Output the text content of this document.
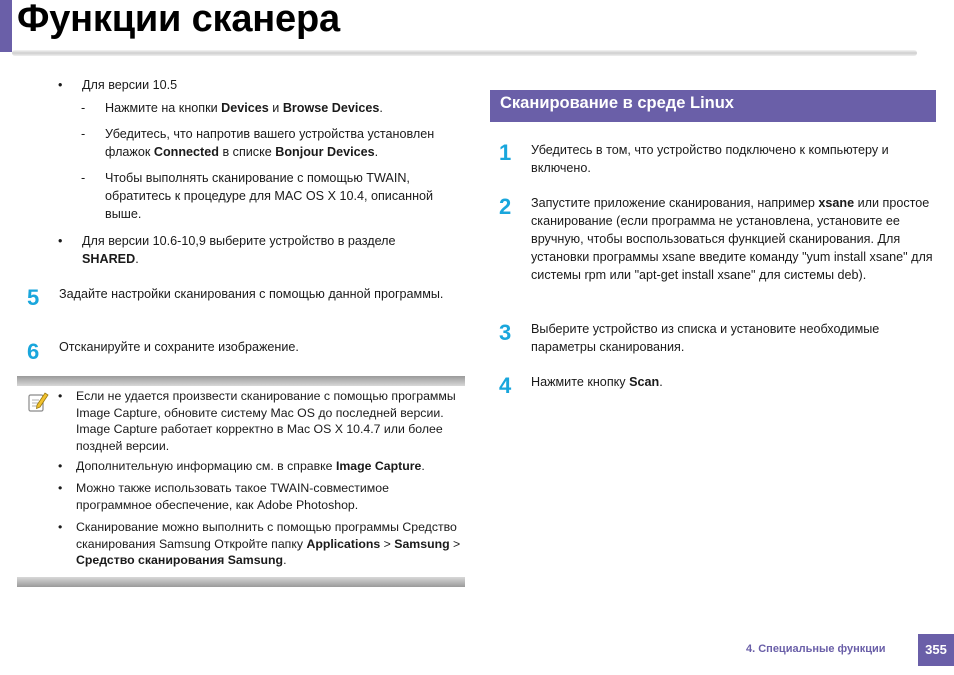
Функции сканера
•	Для версии 10.5
-	Нажмите на кнопки Devices и Browse Devices.
-	Убедитесь, что напротив вашего устройства установлен флажок Connected в списке Bonjour Devices.
-	Чтобы выполнять сканирование с помощью TWAIN, обратитесь к процедуре для MAC OS X 10.4, описанной выше.
•	Для версии 10.6-10,9 выберите устройство в разделе SHARED.
5 Задайте настройки сканирования с помощью данной программы.
6 Отсканируйте и сохраните изображение.
•	Если не удается произвести сканирование с помощью программы Image Capture, обновите систему Mac OS до последней версии. Image Capture работает корректно в Mac OS X 10.4.7 или более поздней версии.
•	Дополнительную информацию см. в справке Image Capture.
•	Можно также использовать такое TWAIN-совместимое программное обеспечение, как Adobe Photoshop.
•	Сканирование можно выполнить с помощью программы Средство сканирования Samsung Откройте папку Applications > Samsung > Средство сканирования Samsung.
Сканирование в среде Linux
1 Убедитесь в том, что устройство подключено к компьютеру и включено.
2 Запустите приложение сканирования, например xsane или простое сканирование (если программа не установлена, установите ее вручную, чтобы воспользоваться функцией сканирования. Для установки программы xsane введите команду "yum install xsane" для системы rpm или "apt-get install xsane" для системы deb).
3 Выберите устройство из списка и установите необходимые параметры сканирования.
4 Нажмите кнопку Scan.
4. Специальные функции	355
